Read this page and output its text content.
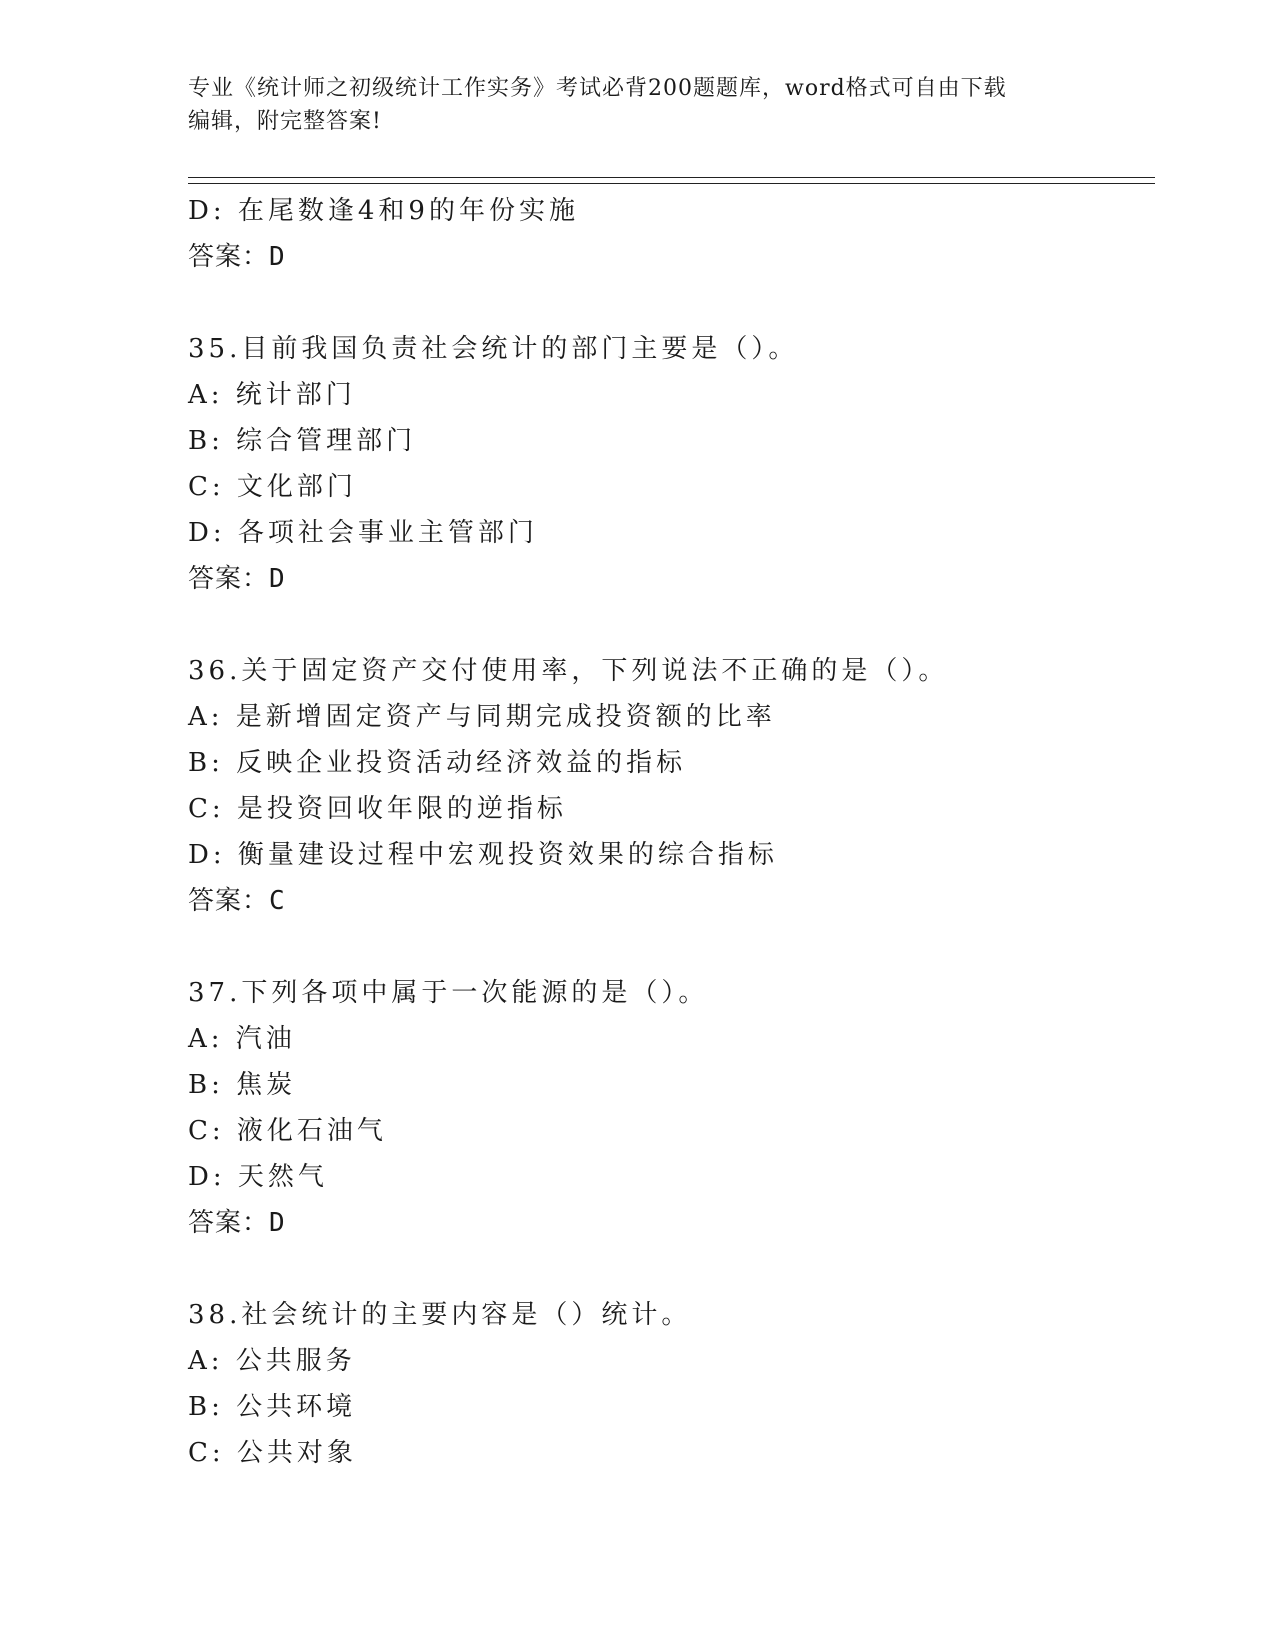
专业《统计师之初级统计工作实务》考试必背200题题库，word格式可自由下载
编辑，附完整答案!
D: 在尾数逢4和9的年份实施
答案：D
35.目前我国负责社会统计的部门主要是（）。
A: 统计部门
B: 综合管理部门
C: 文化部门
D: 各项社会事业主管部门
答案：D
36.关于固定资产交付使用率，下列说法不正确的是（）。
A: 是新增固定资产与同期完成投资额的比率
B: 反映企业投资活动经济效益的指标
C: 是投资回收年限的逆指标
D: 衡量建设过程中宏观投资效果的综合指标
答案：C
37.下列各项中属于一次能源的是（）。
A: 汽油
B: 焦炭
C: 液化石油气
D: 天然气
答案：D
38.社会统计的主要内容是（）统计。
A: 公共服务
B: 公共环境
C: 公共对象
